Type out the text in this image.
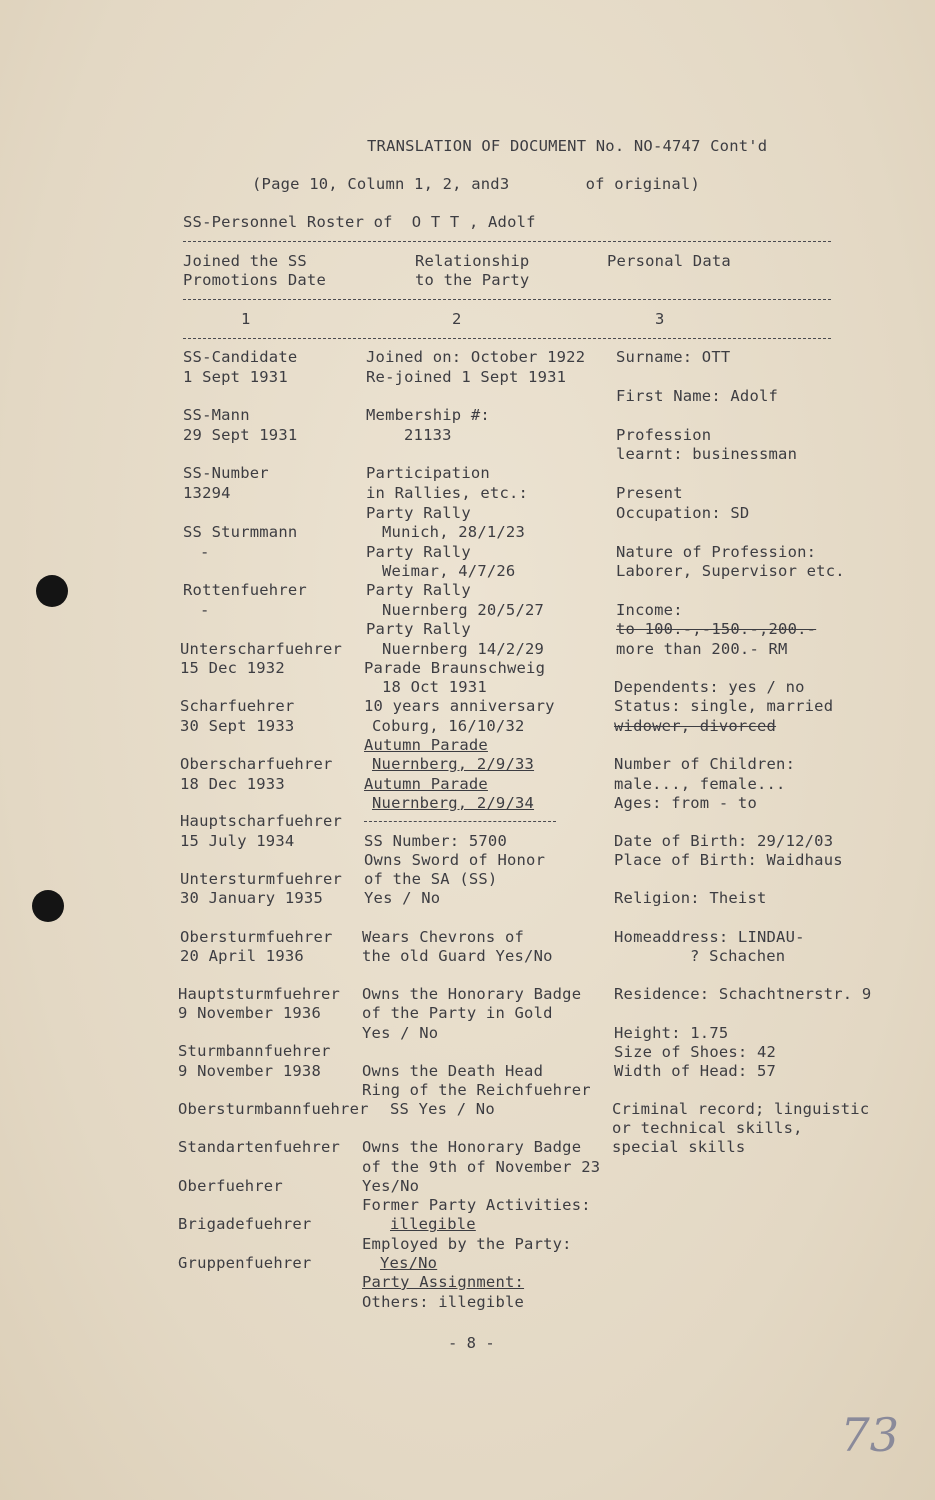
TRANSLATION OF DOCUMENT No. NO-4747 Cont'd
(Page 10, Column 1, 2, and3        of original)
SS-Personnel Roster of  O T T , Adolf
Joined the SS
Promotions Date
Relationship
to the Party
Personal Data
1	2	3
SS-Candidate
1 Sept 1931
SS-Mann
29 Sept 1931
SS-Number
13294
SS Sturmmann
-
Rottenfuehrer
-
Unterscharfuehrer
15 Dec 1932
Scharfuehrer
30 Sept 1933
Oberscharfuehrer
18 Dec 1933
Hauptscharfuehrer
15 July 1934
Untersturmfuehrer
30 January 1935
Obersturmfuehrer
20 April 1936
Hauptsturmfuehrer
9 November 1936
Sturmbannfuehrer
9 November 1938
Obersturmbannfuehrer
Standartenfuehrer
Oberfuehrer
Brigadefuehrer
Gruppenfuehrer
Joined on: October 1922
Re-joined 1 Sept 1931
Membership #:
21133
Participation
in Rallies, etc.:
Party Rally
Munich, 28/1/23
Party Rally
Weimar, 4/7/26
Party Rally
Nuernberg 20/5/27
Party Rally
Nuernberg 14/2/29
Parade Braunschweig
18 Oct 1931
10 years anniversary
Coburg, 16/10/32
Autumn Parade
Nuernberg, 2/9/33
Autumn Parade
Nuernberg, 2/9/34
SS Number: 5700
Owns Sword of Honor
of the SA (SS)
Yes / No
Wears Chevrons of
the old Guard Yes/No
Owns the Honorary Badge
of the Party in Gold
Yes / No
Owns the Death Head
Ring of the Reichfuehrer
SS Yes / No
Owns the Honorary Badge
of the 9th of November 23
Yes/No
Former Party Activities:
illegible
Employed by the Party:
Yes/No
Party Assignment:
Others: illegible
Surname: OTT
First Name: Adolf
Profession
learnt: businessman
Present
Occupation: SD
Nature of Profession:
Laborer, Supervisor etc.
Income:
to 100.-,-150.-,200.-
more than 200.- RM
Dependents: yes / no
Status: single, married
widower, divorced
Number of Children:
male..., female...
Ages: from - to
Date of Birth: 29/12/03
Place of Birth: Waidhaus
Religion: Theist
Homeaddress: LINDAU-
? Schachen
Residence: Schachtnerstr. 9
Height: 1.75
Size of Shoes: 42
Width of Head: 57
Criminal record; linguistic
or technical skills,
special skills
- 8 -
73
